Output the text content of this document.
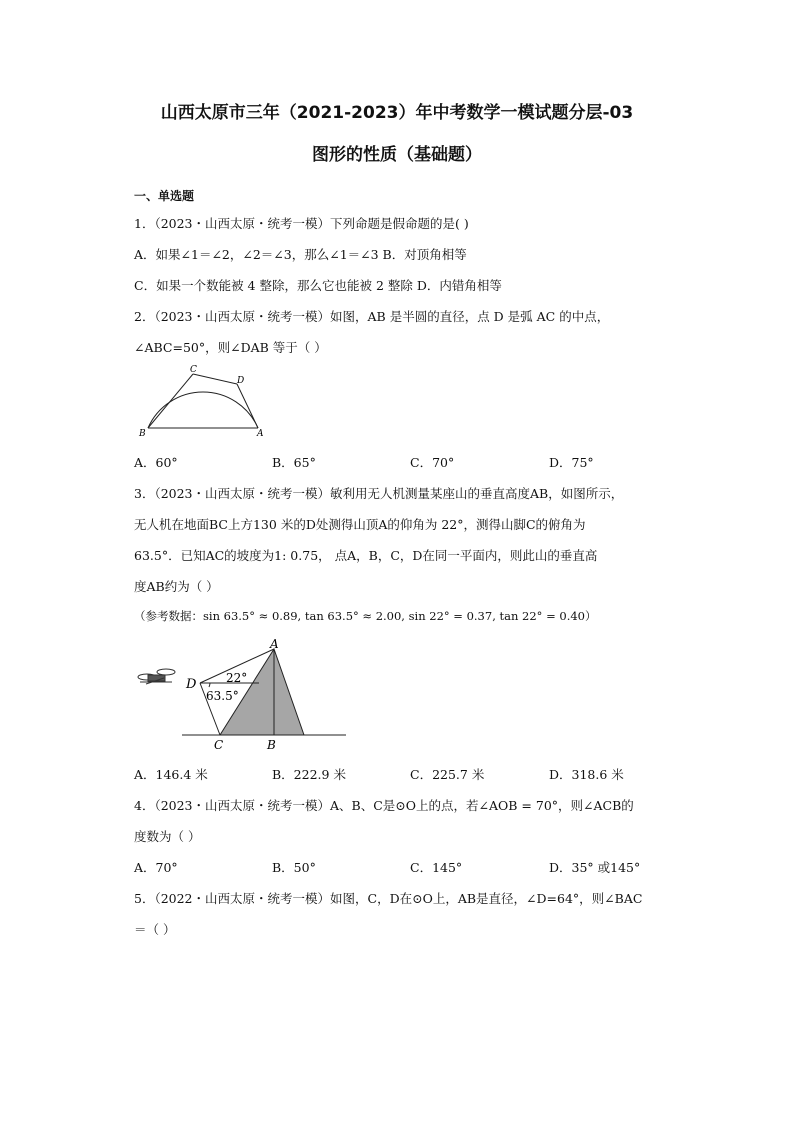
山西太原市三年（2021-2023）年中考数学一模试题分层-03
图形的性质（基础题）
一、单选题
1．（2023・山西太原・统考一模）下列命题是假命题的是( )
A．如果∠1＝∠2，∠2＝∠3，那么∠1＝∠3 B．对顶角相等
C．如果一个数能被 4 整除，那么它也能被 2 整除 D．内错角相等
2．（2023・山西太原・统考一模）如图，AB 是半圆的直径，点 D 是弧 AC 的中点，
∠ABC=50°，则∠DAB 等于（ ）
B	A
C
D
A．60°	B．65°	C．70°	D．75°
3．（2023・山西太原・统考一模）敏利用无人机测量某座山的垂直高度AB，如图所示，
无人机在地面BC上方130 米的D处测得山顶A的仰角为 22°，测得山脚C的俯角为
63.5°．已知AC的坡度为1: 0.75， 点A，B，C，D在同一平面内，则此山的垂直高
度AB约为（ ）
（参考数据：sin 63.5° ≈ 0.89, tan 63.5° ≈ 2.00, sin 22° = 0.37, tan 22° = 0.40）
D
A
C	B
22°
63.5°
A．146.4 米	B．222.9 米	C．225.7 米	D．318.6 米
4．（2023・山西太原・统考一模）A、B、C是⊙O上的点，若∠AOB = 70°，则∠ACB的
度数为（ ）
A．70°	B．50°	C．145°	D．35° 或145°
5．（2022・山西太原・统考一模）如图，C，D在⊙O上，AB是直径，∠D=64°，则∠BAC
＝（ ）
